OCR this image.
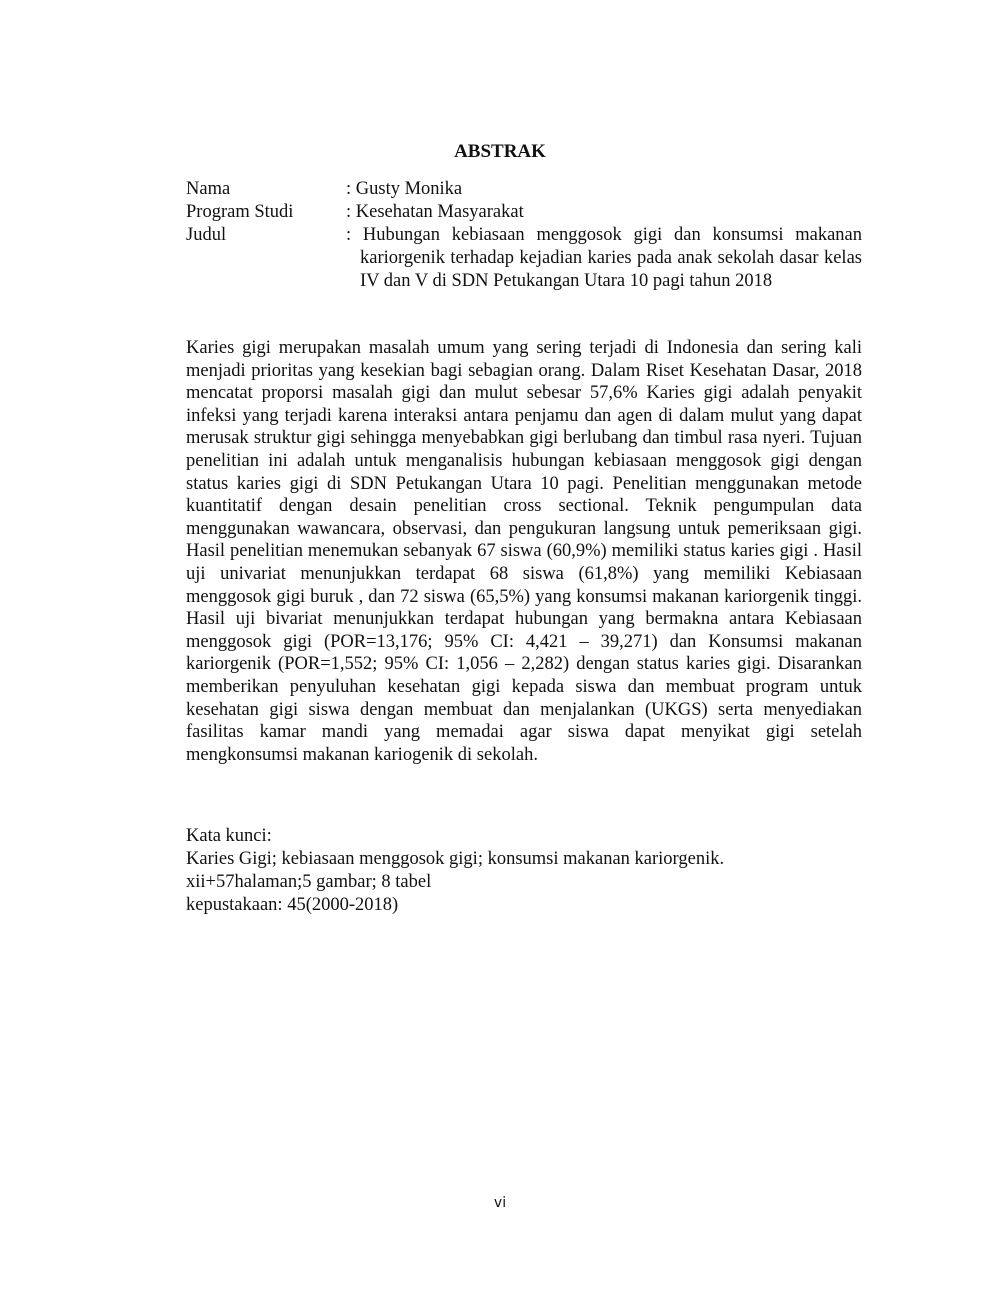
ABSTRAK
Nama	: Gusty Monika
Program Studi	: Kesehatan Masyarakat
Judul	: Hubungan kebiasaan menggosok gigi dan konsumsi makanan kariorgenik terhadap kejadian karies pada anak sekolah dasar kelas IV dan V di SDN Petukangan Utara 10 pagi tahun 2018

Karies gigi merupakan masalah umum yang sering terjadi di Indonesia dan sering kali menjadi prioritas yang kesekian bagi sebagian orang. Dalam Riset Kesehatan Dasar, 2018 mencatat proporsi masalah gigi dan mulut sebesar 57,6% Karies gigi adalah penyakit infeksi yang terjadi karena interaksi antara penjamu dan agen di dalam mulut yang dapat merusak struktur gigi sehingga menyebabkan gigi berlubang dan timbul rasa nyeri. Tujuan penelitian ini adalah untuk menganalisis hubungan kebiasaan menggosok gigi dengan status karies gigi di SDN Petukangan Utara 10 pagi. Penelitian menggunakan metode kuantitatif dengan desain penelitian cross sectional. Teknik pengumpulan data menggunakan wawancara, observasi, dan pengukuran langsung untuk pemeriksaan gigi. Hasil penelitian menemukan sebanyak 67 siswa (60,9%) memiliki status karies gigi . Hasil uji univariat menunjukkan terdapat 68 siswa (61,8%) yang memiliki Kebiasaan menggosok gigi buruk , dan 72 siswa (65,5%) yang konsumsi makanan kariorgenik tinggi. Hasil uji bivariat menunjukkan terdapat hubungan yang bermakna antara Kebiasaan menggosok gigi (POR=13,176; 95% CI: 4,421 – 39,271) dan Konsumsi makanan kariorgenik (POR=1,552; 95% CI: 1,056 – 2,282) dengan status karies gigi. Disarankan memberikan penyuluhan kesehatan gigi kepada siswa dan membuat program untuk kesehatan gigi siswa dengan membuat dan menjalankan (UKGS) serta menyediakan fasilitas kamar mandi yang memadai agar siswa dapat menyikat gigi setelah mengkonsumsi makanan kariogenik di sekolah.

Kata kunci:
Karies Gigi; kebiasaan menggosok gigi; konsumsi makanan kariorgenik.
xii+57halaman;5 gambar; 8 tabel
kepustakaan: 45(2000-2018)
vi
